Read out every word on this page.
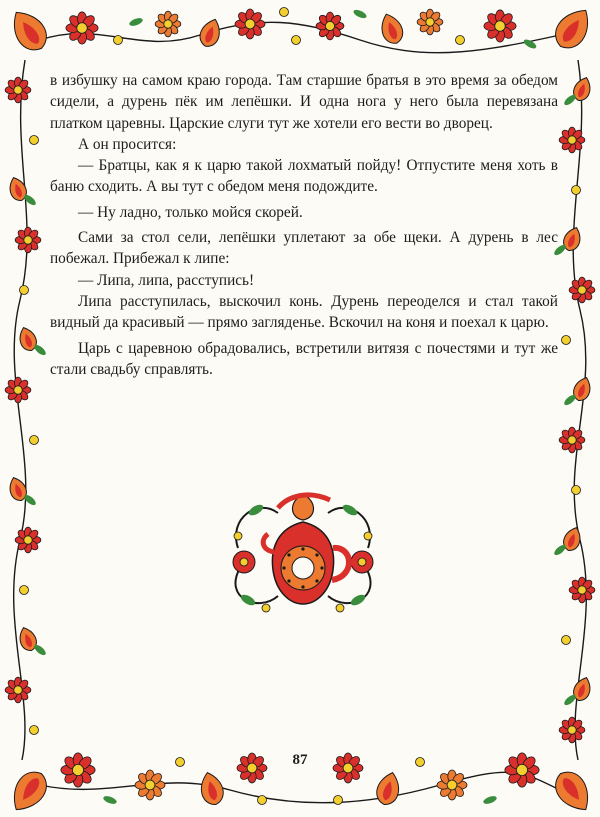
в избушку на самом краю города. Там старшие братья в это время за обедом сидели, а дурень пёк им лепёшки. И одна нога у него была перевязана платком царевны. Царские слуги тут же хотели его вести во дворец.

А он просится:

— Братцы, как я к царю такой лохматый пойду! Отпустите меня хоть в баню сходить. А вы тут с обедом меня подождите.

— Ну ладно, только мойся скорей.

Сами за стол сели, лепёшки уплетают за обе щеки. А дурень в лес побежал. Прибежал к липе:

— Липа, липа, расступись!

Липа расступилась, выскочил конь. Дурень переоделся и стал такой видный да красивый — прямо загляденье. Вскочил на коня и поехал к царю.

Царь с царевною обрадовались, встретили витязя с почестями и тут же стали свадьбу справлять.

87
